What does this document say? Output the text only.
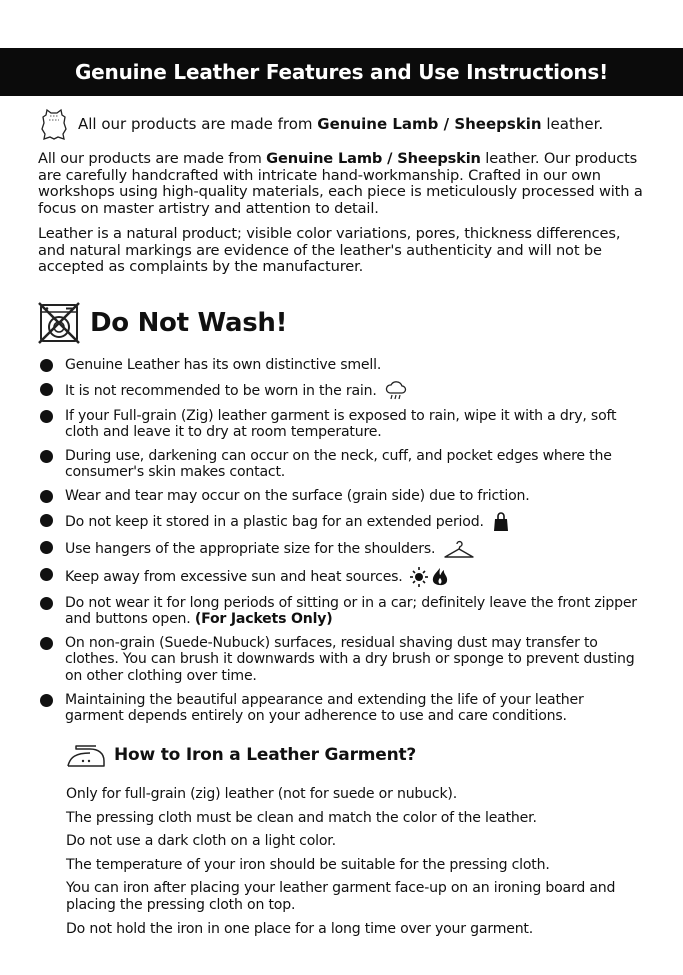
Genuine Leather Features and Use Instructions!
All our products are made from Genuine Lamb / Sheepskin leather.
All our products are made from Genuine Lamb / Sheepskin leather. Our products are carefully handcrafted with intricate hand-workmanship. Crafted in our own workshops using high-quality materials, each piece is meticulously processed with a focus on master artistry and attention to detail.
Leather is a natural product; visible color variations, pores, thickness differences, and natural markings are evidence of the leather's authenticity and will not be accepted as complaints by the manufacturer.
Do Not Wash!
Genuine Leather has its own distinctive smell.
It is not recommended to be worn in the rain.
If your Full-grain (Zig) leather garment is exposed to rain, wipe it with a dry, soft cloth and leave it to dry at room temperature.
During use, darkening can occur on the neck, cuff, and pocket edges where the consumer's skin makes contact.
Wear and tear may occur on the surface (grain side) due to friction.
Do not keep it stored in a plastic bag for an extended period.
Use hangers of the appropriate size for the shoulders.
Keep away from excessive sun and heat sources.
Do not wear it for long periods of sitting or in a car; definitely leave the front zipper and buttons open. (For Jackets Only)
On non-grain (Suede-Nubuck) surfaces, residual shaving dust may transfer to clothes. You can brush it downwards with a dry brush or sponge to prevent dusting on other clothing over time.
Maintaining the beautiful appearance and extending the life of your leather garment depends entirely on your adherence to use and care conditions.
How to Iron a Leather Garment?
Only for full-grain (zig) leather (not for suede or nubuck).
The pressing cloth must be clean and match the color of the leather.
Do not use a dark cloth on a light color.
The temperature of your iron should be suitable for the pressing cloth.
You can iron after placing your leather garment face-up on an ironing board and placing the pressing cloth on top.
Do not hold the iron in one place for a long time over your garment.
